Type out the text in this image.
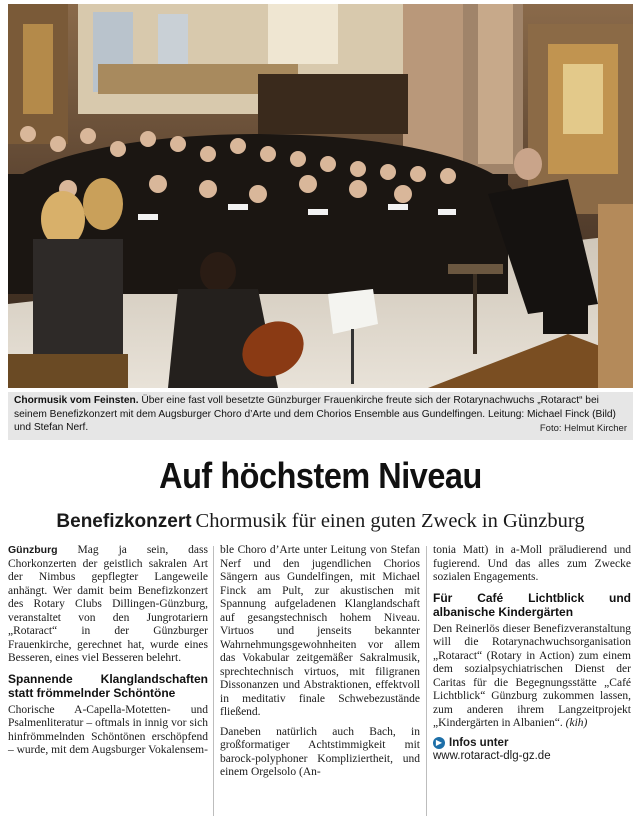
Chormusik vom Feinsten. Über eine fast voll besetzte Günzburger Frauenkirche freute sich der Rotarynachwuchs „Rotaract“ bei seinem Benefizkonzert mit dem Augsburger Choro d’Arte und dem Chorios Ensemble aus Gundelfingen. Leitung: Michael Finck (Bild) und Stefan Nerf.	Foto: Helmut Kircher
Auf höchstem Niveau
Benefizkonzert Chormusik für einen guten Zweck in Günzburg

Günzburg Mag ja sein, dass Chorkonzerten der geistlich sakralen Art der Nimbus gepflegter Langeweile anhängt. Wer damit beim Benefizkonzert des Rotary Clubs Dillingen-Günzburg, veranstaltet von den Jungrotariern „Rotaract“ in der Günzburger Frauenkirche, gerechnet hat, wurde eines Besseren, eines viel Besseren belehrt.

Spannende Klanglandschaften statt frömmelnder Schöntöne

Chorische A-Capella-Motetten- und Psalmenliteratur – oftmals in innig vor sich hinfrömmelnden Schöntönen erschöpfend – wurde, mit dem Augsburger Vokalensem-

ble Choro d’Arte unter Leitung von Stefan Nerf und den jugendlichen Chorios Sängern aus Gundelfingen, mit Michael Finck am Pult, zur akustischen mit Spannung aufgeladenen Klanglandschaft auf gesangstechnisch hohem Niveau. Virtuos und jenseits bekannter Wahrnehmungsgewohnheiten vor allem das Vokabular zeitgemäßer Sakralmusik, sprechtechnisch virtuos, mit filigranen Dissonanzen und Abstraktionen, effektvoll in meditativ finale Schwebezustände fließend.

Daneben natürlich auch Bach, in großformatiger Achtstimmigkeit mit barock-polyphoner Kompliziertheit, und einem Orgelsolo (An-

tonia Matt) in a-Moll präludierend und fugierend. Und das alles zum Zwecke sozialen Engagements.

Für Café Lichtblick und albanische Kindergärten

Den Reinerlös dieser Benefizveranstaltung will die Rotarynachwuchsorganisation „Rotaract“ (Rotary in Action) zum einem dem sozialpsychiatrischen Dienst der Caritas für die Begegnungsstätte „Café Lichtblick“ Günzburg zukommen lassen, zum anderen ihrem Langzeitprojekt „Kindergärten in Albanien“. (kih)

▶ Infos unter
www.rotaract-dlg-gz.de
